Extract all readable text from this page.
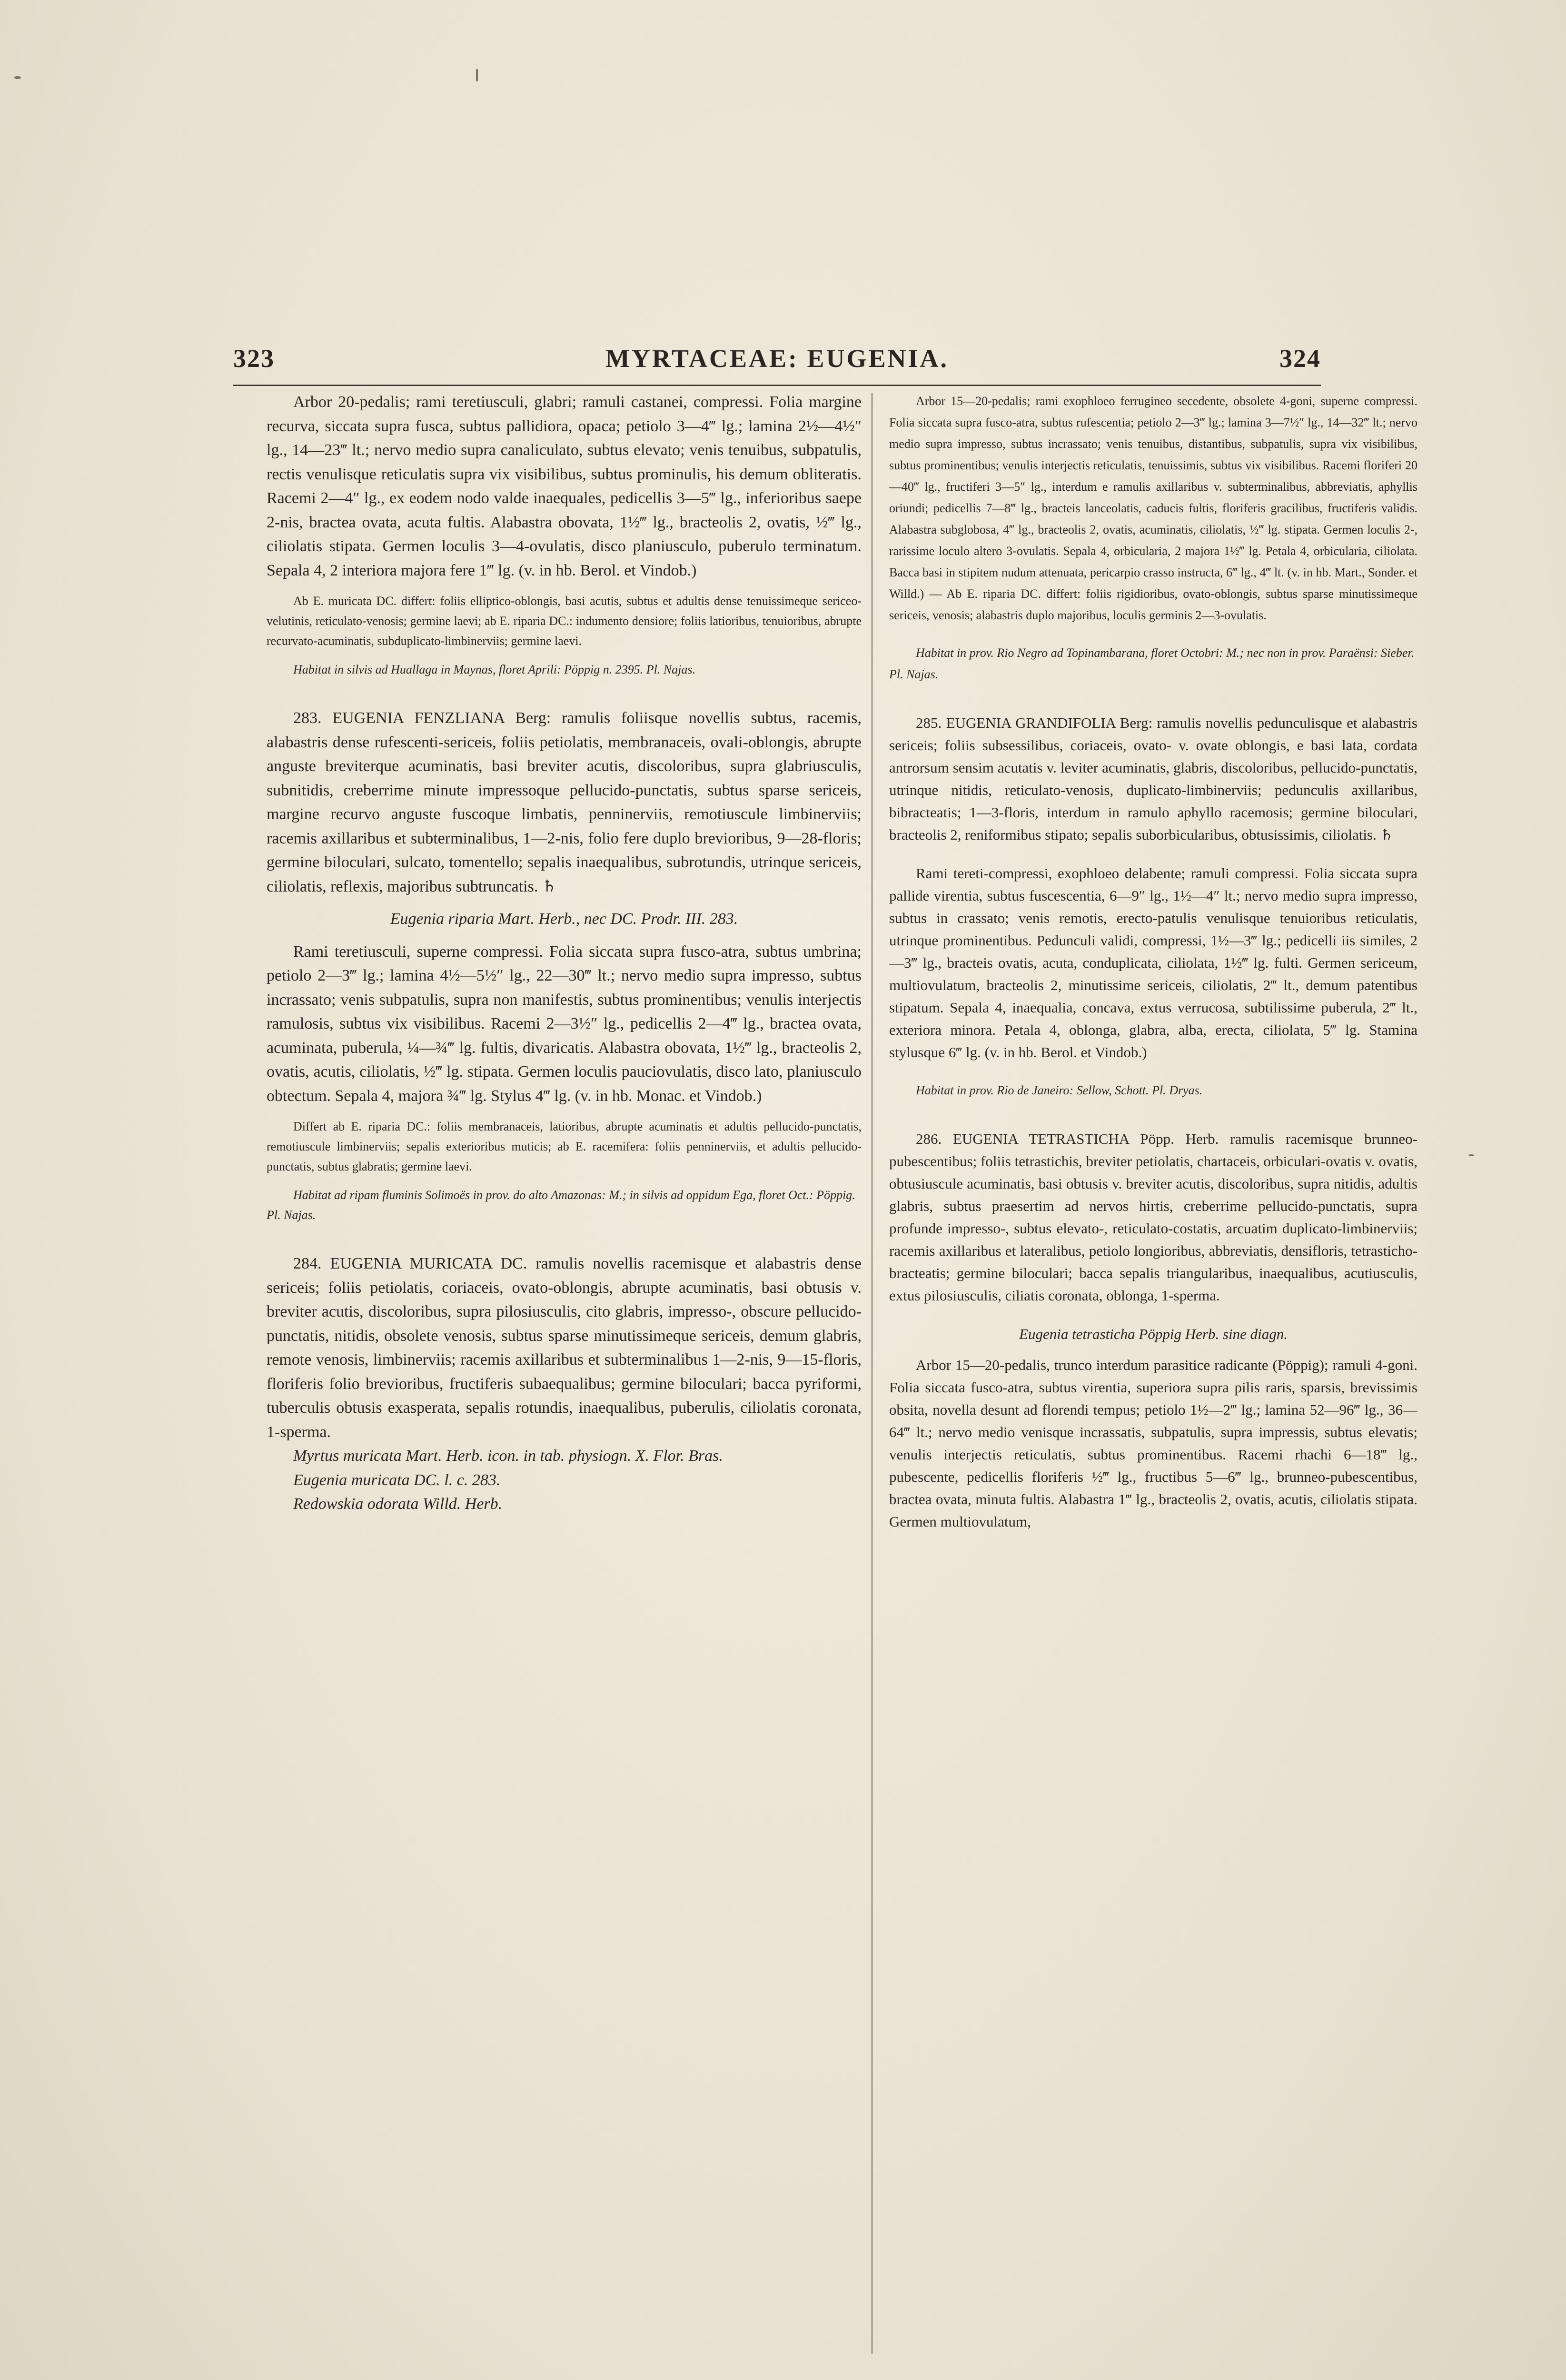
323	MYRTACEAE: EUGENIA.	324

Arbor 20-pedalis; rami teretiusculi, glabri; ramuli castanei, compressi. Folia margine recurva, siccata supra fusca, subtus pallidiora, opaca; petiolo 3—4‴ lg.; lamina 2½—4½″ lg., 14—23‴ lt.; nervo medio supra canaliculato, subtus elevato; venis tenuibus, subpatulis, rectis venulisque reticulatis supra vix visibilibus, subtus prominulis, his demum obliteratis. Racemi 2—4″ lg., ex eodem nodo valde inaequales, pedicellis 3—5‴ lg., inferioribus saepe 2-nis, bractea ovata, acuta fultis. Alabastra obovata, 1½‴ lg., bracteolis 2, ovatis, ½‴ lg., ciliolatis stipata. Germen loculis 3—4-ovulatis, disco planiusculo, puberulo terminatum. Sepala 4, 2 interiora majora fere 1‴ lg. (v. in hb. Berol. et Vindob.)

Ab E. muricata DC. differt: foliis elliptico-oblongis, basi acutis, subtus et adultis dense tenuissimeque sericeo-velutinis, reticulato-venosis; germine laevi; ab E. riparia DC.: indumento densiore; foliis latioribus, tenuioribus, abrupte recurvato-acuminatis, subduplicato-limbinerviis; germine laevi.

Habitat in silvis ad Huallaga in Maynas, floret Aprili: Pöppig n. 2395. Pl. Najas.

283. EUGENIA FENZLIANA Berg: ramulis foliisque novellis subtus, racemis, alabastris dense rufescenti-sericeis, foliis petiolatis, membranaceis, ovali-oblongis, abrupte anguste breviterque acuminatis, basi breviter acutis, discoloribus, supra glabriusculis, subnitidis, creberrime minute impressoque pellucido-punctatis, subtus sparse sericeis, margine recurvo anguste fuscoque limbatis, penninerviis, remotiuscule limbinerviis; racemis axillaribus et subterminalibus, 1—2-nis, folio fere duplo brevioribus, 9—28-floris; germine biloculari, sulcato, tomentello; sepalis inaequalibus, subrotundis, utrinque sericeis, ciliolatis, reflexis, majoribus subtruncatis. ♄

Eugenia riparia Mart. Herb., nec DC. Prodr. III. 283.

Rami teretiusculi, superne compressi. Folia siccata supra fusco-atra, subtus umbrina; petiolo 2—3‴ lg.; lamina 4½—5½″ lg., 22—30‴ lt.; nervo medio supra impresso, subtus incrassato; venis subpatulis, supra non manifestis, subtus prominentibus; venulis interjectis ramulosis, subtus vix visibilibus. Racemi 2—3½″ lg., pedicellis 2—4‴ lg., bractea ovata, acuminata, puberula, ¼—¾‴ lg. fultis, divaricatis. Alabastra obovata, 1½‴ lg., bracteolis 2, ovatis, acutis, ciliolatis, ½‴ lg. stipata. Germen loculis pauciovulatis, disco lato, planiusculo obtectum. Sepala 4, majora ¾‴ lg. Stylus 4‴ lg. (v. in hb. Monac. et Vindob.)

Differt ab E. riparia DC.: foliis membranaceis, latioribus, abrupte acuminatis et adultis pellucido-punctatis, remotiuscule limbinerviis; sepalis exterioribus muticis; ab E. racemifera: foliis penninerviis, et adultis pellucido-punctatis, subtus glabratis; germine laevi.

Habitat ad ripam fluminis Solimoës in prov. do alto Amazonas: M.; in silvis ad oppidum Ega, floret Oct.: Pöppig. Pl. Najas.

284. EUGENIA MURICATA DC. ramulis novellis racemisque et alabastris dense sericeis; foliis petiolatis, coriaceis, ovato-oblongis, abrupte acuminatis, basi obtusis v. breviter acutis, discoloribus, supra pilosiusculis, cito glabris, impresso-, obscure pellucido-punctatis, nitidis, obsolete venosis, subtus sparse minutissimeque sericeis, demum glabris, remote venosis, limbinerviis; racemis axillaribus et subterminalibus 1—2-nis, 9—15-floris, floriferis folio brevioribus, fructiferis subaequalibus; germine biloculari; bacca pyriformi, tuberculis obtusis exasperata, sepalis rotundis, inaequalibus, puberulis, ciliolatis coronata, 1-sperma.

Myrtus muricata Mart. Herb. icon. in tab. physiogn. X. Flor. Bras.

Eugenia muricata DC. l. c. 283.

Redowskia odorata Willd. Herb.

Arbor 15—20-pedalis; rami exophloeo ferrugineo secedente, obsolete 4-goni, superne compressi. Folia siccata supra fusco-atra, subtus rufescentia; petiolo 2—3‴ lg.; lamina 3—7½″ lg., 14—32‴ lt.; nervo medio supra impresso, subtus incrassato; venis tenuibus, distantibus, subpatulis, supra vix visibilibus, subtus prominentibus; venulis interjectis reticulatis, tenuissimis, subtus vix visibilibus. Racemi floriferi 20—40‴ lg., fructiferi 3—5″ lg., interdum e ramulis axillaribus v. subterminalibus, abbreviatis, aphyllis oriundi; pedicellis 7—8‴ lg., bracteis lanceolatis, caducis fultis, floriferis gracilibus, fructiferis validis. Alabastra subglobosa, 4‴ lg., bracteolis 2, ovatis, acuminatis, ciliolatis, ½‴ lg. stipata. Germen loculis 2-, rarissime loculo altero 3-ovulatis. Sepala 4, orbicularia, 2 majora 1½‴ lg. Petala 4, orbicularia, ciliolata. Bacca basi in stipitem nudum attenuata, pericarpio crasso instructa, 6‴ lg., 4‴ lt. (v. in hb. Mart., Sonder. et Willd.) — Ab E. riparia DC. differt: foliis rigidioribus, ovato-oblongis, subtus sparse minutissimeque sericeis, venosis; alabastris duplo majoribus, loculis germinis 2—3-ovulatis.

Habitat in prov. Rio Negro ad Topinambarana, floret Octobri: M.; nec non in prov. Paraënsi: Sieber. Pl. Najas.

285. EUGENIA GRANDIFOLIA Berg: ramulis novellis pedunculisque et alabastris sericeis; foliis subsessilibus, coriaceis, ovato- v. ovate oblongis, e basi lata, cordata antrorsum sensim acutatis v. leviter acuminatis, glabris, discoloribus, pellucido-punctatis, utrinque nitidis, reticulato-venosis, duplicato-limbinerviis; pedunculis axillaribus, bibracteatis; 1—3-floris, interdum in ramulo aphyllo racemosis; germine biloculari, bracteolis 2, reniformibus stipato; sepalis suborbicularibus, obtusissimis, ciliolatis. ♄

Rami tereti-compressi, exophloeo delabente; ramuli compressi. Folia siccata supra pallide virentia, subtus fuscescentia, 6—9″ lg., 1½—4″ lt.; nervo medio supra impresso, subtus in crassato; venis remotis, erecto-patulis venulisque tenuioribus reticulatis, utrinque prominentibus. Pedunculi validi, compressi, 1½—3‴ lg.; pedicelli iis similes, 2—3‴ lg., bracteis ovatis, acuta, conduplicata, ciliolata, 1½‴ lg. fulti. Germen sericeum, multiovulatum, bracteolis 2, minutissime sericeis, ciliolatis, 2‴ lt., demum patentibus stipatum. Sepala 4, inaequalia, concava, extus verrucosa, subtilissime puberula, 2‴ lt., exteriora minora. Petala 4, oblonga, glabra, alba, erecta, ciliolata, 5‴ lg. Stamina stylusque 6‴ lg. (v. in hb. Berol. et Vindob.)

Habitat in prov. Rio de Janeiro: Sellow, Schott. Pl. Dryas.

286. EUGENIA TETRASTICHA Pöpp. Herb. ramulis racemisque brunneo-pubescentibus; foliis tetrastichis, breviter petiolatis, chartaceis, orbiculari-ovatis v. ovatis, obtusiuscule acuminatis, basi obtusis v. breviter acutis, discoloribus, supra nitidis, adultis glabris, subtus praesertim ad nervos hirtis, creberrime pellucido-punctatis, supra profunde impresso-, subtus elevato-, reticulato-costatis, arcuatim duplicato-limbinerviis; racemis axillaribus et lateralibus, petiolo longioribus, abbreviatis, densifloris, tetrasticho-bracteatis; germine biloculari; bacca sepalis triangularibus, inaequalibus, acutiusculis, extus pilosiusculis, ciliatis coronata, oblonga, 1-sperma.

Eugenia tetrasticha Pöppig Herb. sine diagn.

Arbor 15—20-pedalis, trunco interdum parasitice radicante (Pöppig); ramuli 4-goni. Folia siccata fusco-atra, subtus virentia, superiora supra pilis raris, sparsis, brevissimis obsita, novella desunt ad florendi tempus; petiolo 1½—2‴ lg.; lamina 52—96‴ lg., 36—64‴ lt.; nervo medio venisque incrassatis, subpatulis, supra impressis, subtus elevatis; venulis interjectis reticulatis, subtus prominentibus. Racemi rhachi 6—18‴ lg., pubescente, pedicellis floriferis ½‴ lg., fructibus 5—6‴ lg., brunneo-pubescentibus, bractea ovata, minuta fultis. Alabastra 1‴ lg., bracteolis 2, ovatis, acutis, ciliolatis stipata. Germen multiovulatum,
